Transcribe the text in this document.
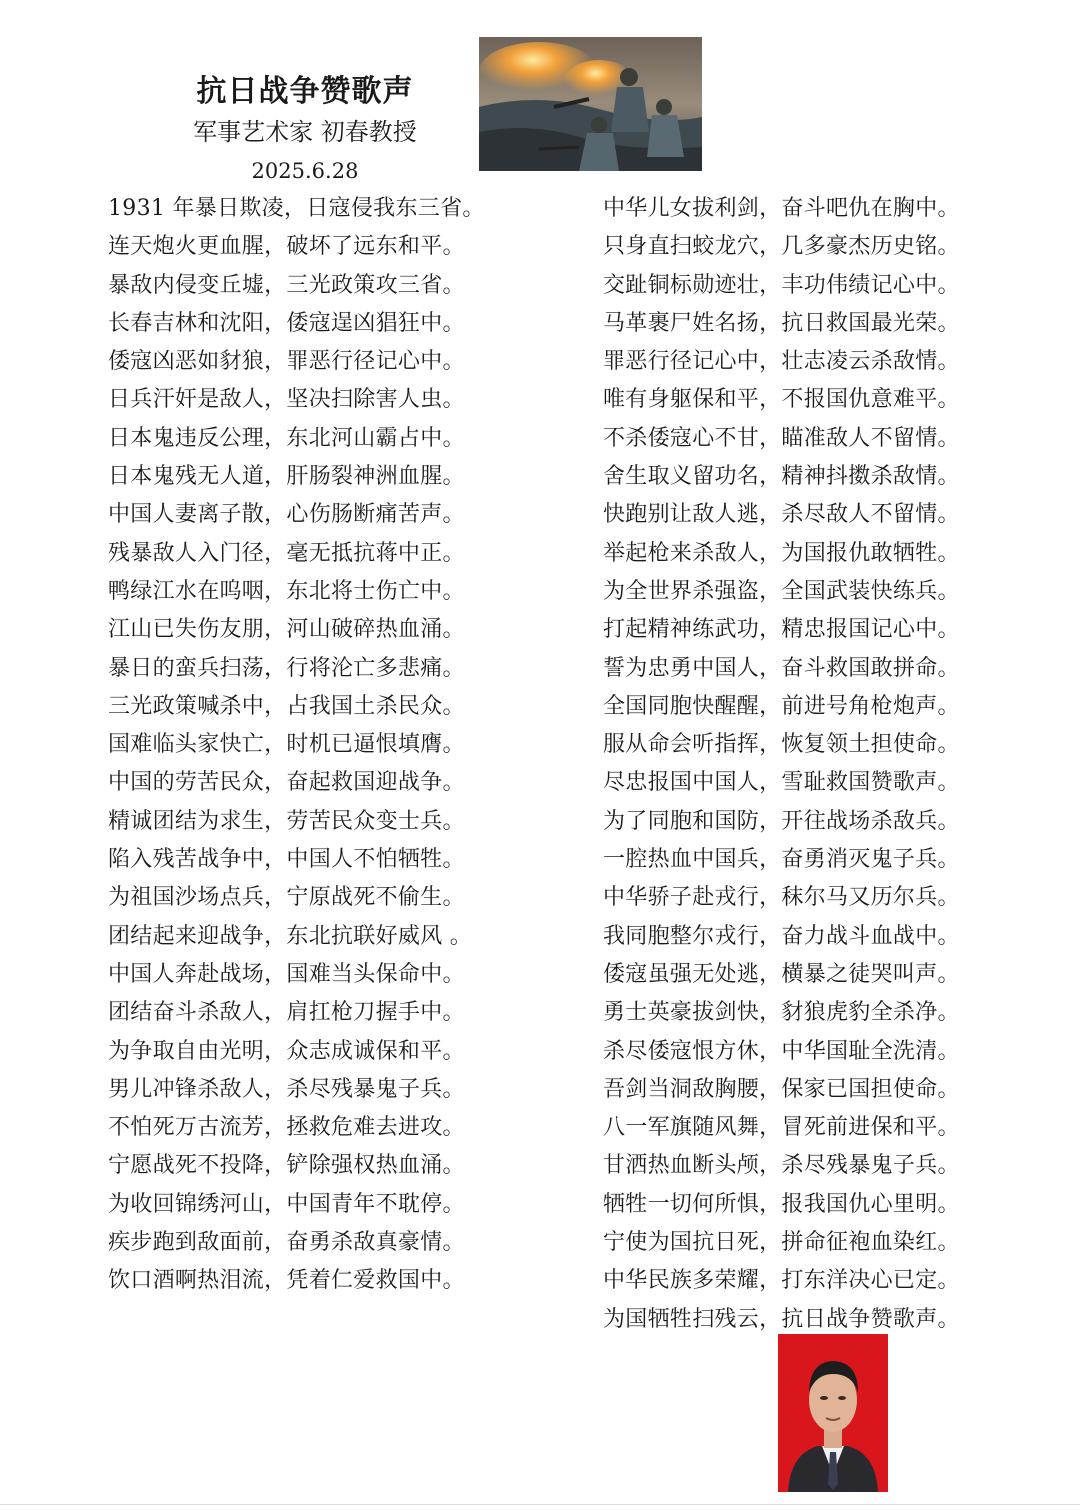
抗日战争赞歌声
军事艺术家 初春教授
2025.6.28
1931 年暴日欺凌，日寇侵我东三省。
连天炮火更血腥，破坏了远东和平。
暴敌内侵变丘墟，三光政策攻三省。
长春吉林和沈阳，倭寇逞凶猖狂中。
倭寇凶恶如豺狼，罪恶行径记心中。
日兵汗奸是敌人，坚决扫除害人虫。
日本鬼违反公理，东北河山霸占中。
日本鬼残无人道，肝肠裂神洲血腥。
中国人妻离子散，心伤肠断痛苦声。
残暴敌人入门径，毫无抵抗蒋中正。
鸭绿江水在呜咽，东北将士伤亡中。
江山已失伤友朋，河山破碎热血涌。
暴日的蛮兵扫荡，行将沦亡多悲痛。
三光政策喊杀中，占我国土杀民众。
国难临头家快亡，时机已逼恨填膺。
中国的劳苦民众，奋起救国迎战争。
精诚团结为求生，劳苦民众变士兵。
陷入残苦战争中，中国人不怕牺牲。
为祖国沙场点兵，宁原战死不偷生。
团结起来迎战争，东北抗联好威风 。
中国人奔赴战场，国难当头保命中。
团结奋斗杀敌人，肩扛枪刀握手中。
为争取自由光明，众志成诚保和平。
男儿冲锋杀敌人，杀尽残暴鬼子兵。
不怕死万古流芳，拯救危难去进攻。
宁愿战死不投降，铲除强权热血涌。
为收回锦绣河山，中国青年不耽停。
疾步跑到敌面前，奋勇杀敌真豪情。
饮口酒啊热泪流，凭着仁爱救国中。
中华儿女拔利剑，奋斗吧仇在胸中。
只身直扫蛟龙穴，几多豪杰历史铭。
交趾铜标勋迹壮，丰功伟绩记心中。
马革裹尸姓名扬，抗日救国最光荣。
罪恶行径记心中，壮志凌云杀敌情。
唯有身躯保和平，不报国仇意难平。
不杀倭寇心不甘，瞄准敌人不留情。
舍生取义留功名，精神抖擞杀敌情。
快跑别让敌人逃，杀尽敌人不留情。
举起枪来杀敌人，为国报仇敢牺牲。
为全世界杀强盗，全国武装快练兵。
打起精神练武功，精忠报国记心中。
誓为忠勇中国人，奋斗救国敢拼命。
全国同胞快醒醒，前进号角枪炮声。
服从命会听指挥，恢复领土担使命。
尽忠报国中国人，雪耻救国赞歌声。
为了同胞和国防，开往战场杀敌兵。
一腔热血中国兵，奋勇消灭鬼子兵。
中华骄子赴戎行，秣尔马又历尔兵。
我同胞整尔戎行，奋力战斗血战中。
倭寇虽强无处逃，横暴之徒哭叫声。
勇士英豪拔剑快，豺狼虎豹全杀净。
杀尽倭寇恨方休，中华国耻全洗清。
吾剑当洞敌胸腰，保家已国担使命。
八一军旗随风舞，冒死前进保和平。
甘洒热血断头颅，杀尽残暴鬼子兵。
牺牲一切何所惧，报我国仇心里明。
宁使为国抗日死，拼命征袍血染红。
中华民族多荣耀，打东洋决心已定。
为国牺牲扫残云，抗日战争赞歌声。
